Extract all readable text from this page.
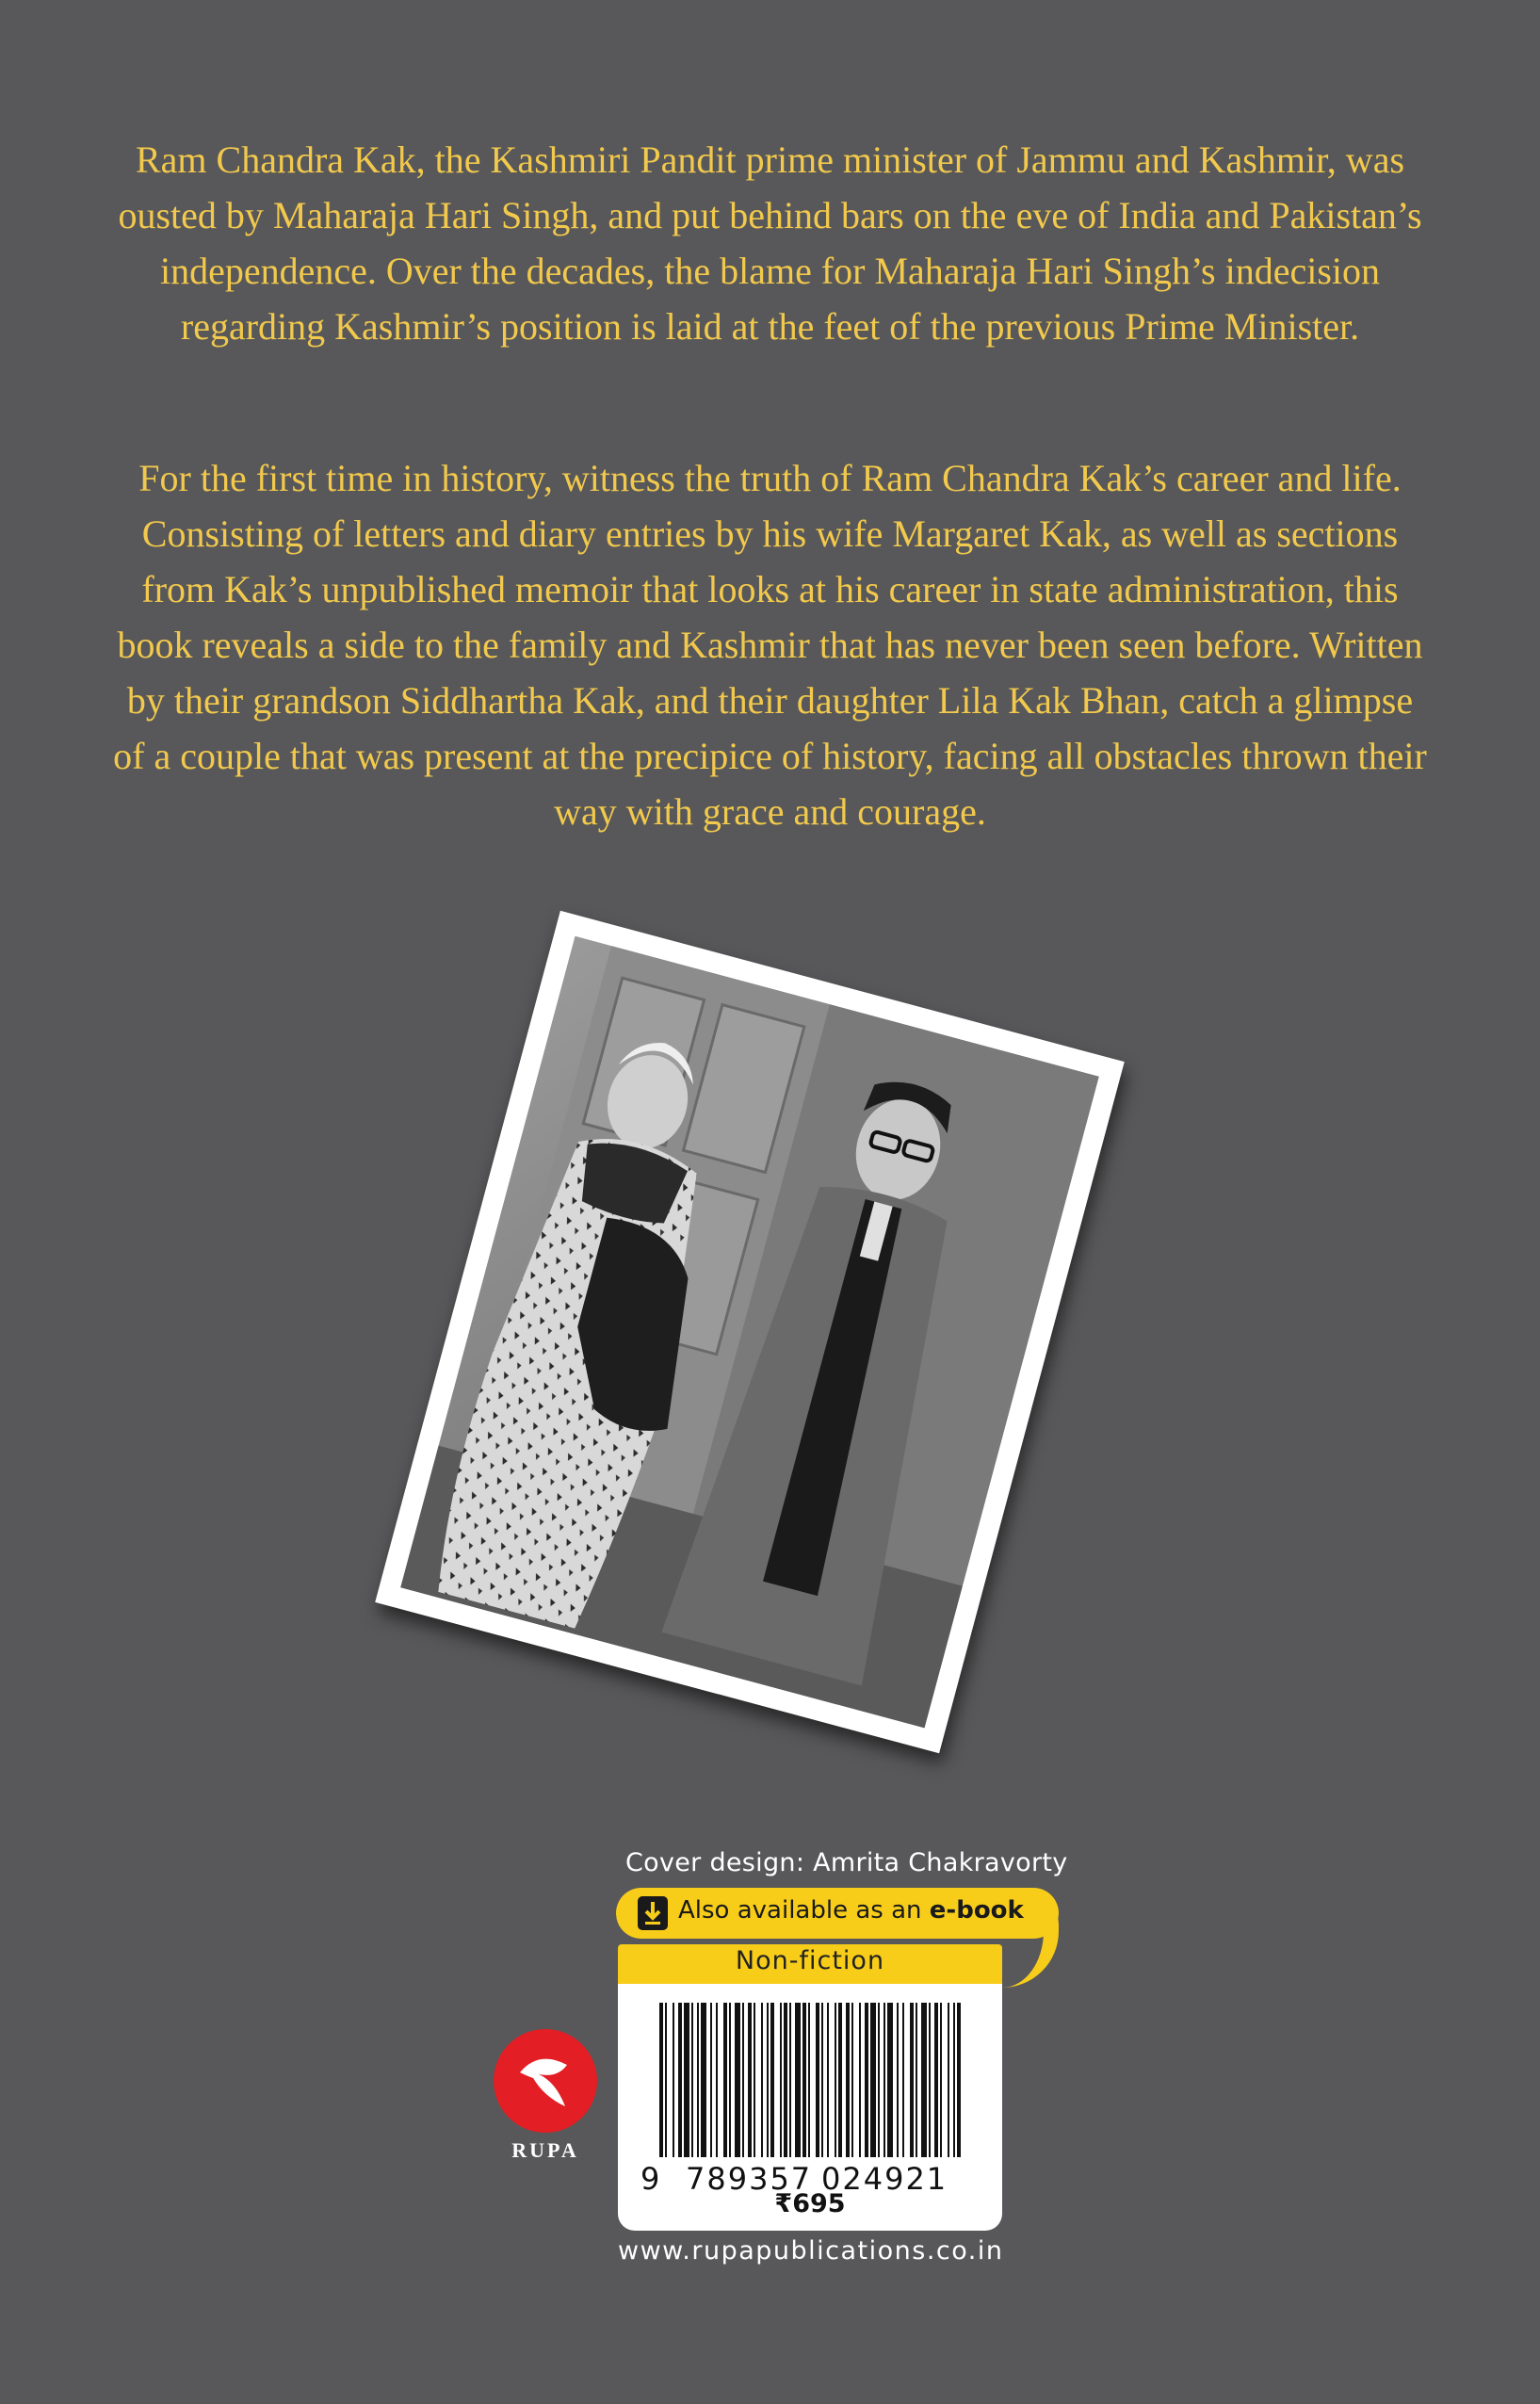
Ram Chandra Kak, the Kashmiri Pandit prime minister of Jammu and Kashmir, was ousted by Maharaja Hari Singh, and put behind bars on the eve of India and Pakistan’s independence. Over the decades, the blame for Maharaja Hari Singh’s indecision regarding Kashmir’s position is laid at the feet of the previous Prime Minister.

For the first time in history, witness the truth of Ram Chandra Kak’s career and life. Consisting of letters and diary entries by his wife Margaret Kak, as well as sections from Kak’s unpublished memoir that looks at his career in state administration, this book reveals a side to the family and Kashmir that has never been seen before. Written by their grandson Siddhartha Kak, and their daughter Lila Kak Bhan, catch a glimpse of a couple that was present at the precipice of history, facing all obstacles thrown their way with grace and courage.

Cover design: Amrita Chakravorty
Also available as an e-book
Non-fiction
9 789357 024921
₹695
www.rupapublications.co.in
RUPA
